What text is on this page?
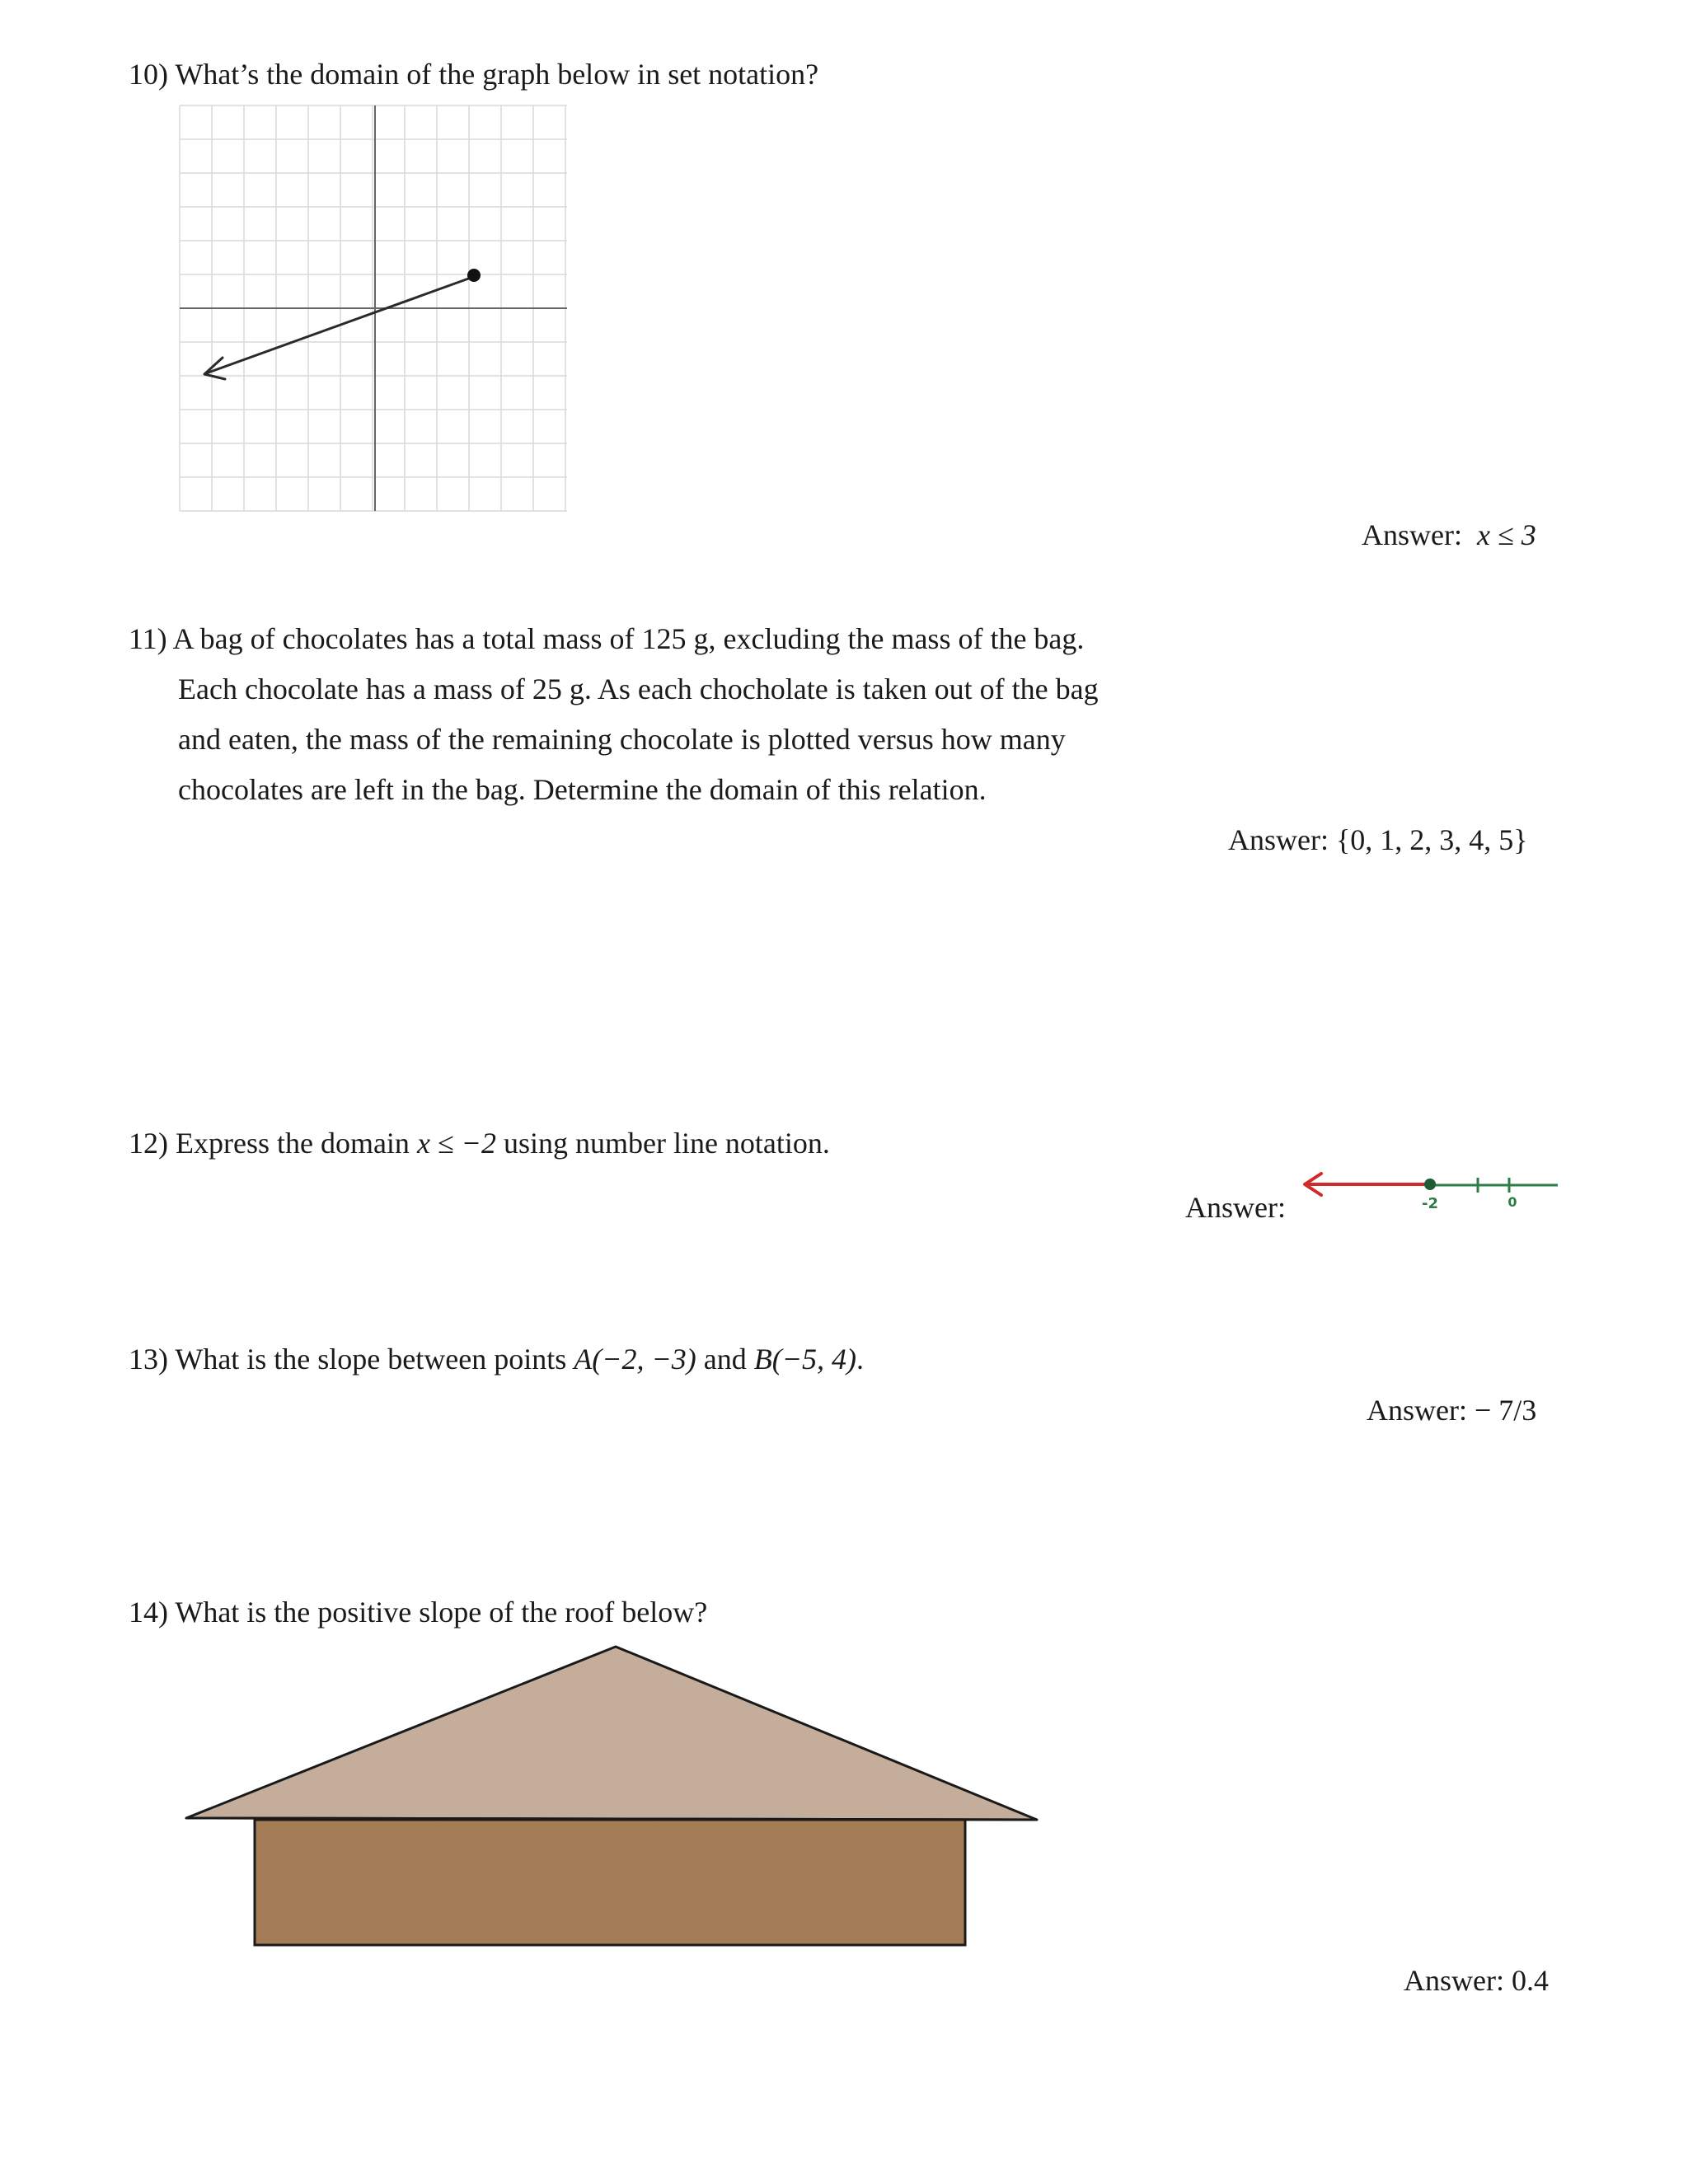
10) What’s the domain of the graph below in set notation?
Answer: x ≤ 3
11) A bag of chocolates has a total mass of 125 g, excluding the mass of the bag.
Each chocolate has a mass of 25 g. As each chocholate is taken out of the bag
and eaten, the mass of the remaining chocolate is plotted versus how many
chocolates are left in the bag. Determine the domain of this relation.
Answer: {0, 1, 2, 3, 4, 5}
12) Express the domain x ≤ −2 using number line notation.
Answer:	-2	0
13) What is the slope between points A(−2, −3) and B(−5, 4).
Answer: − 7/3
14) What is the positive slope of the roof below?
Answer: 0.4
